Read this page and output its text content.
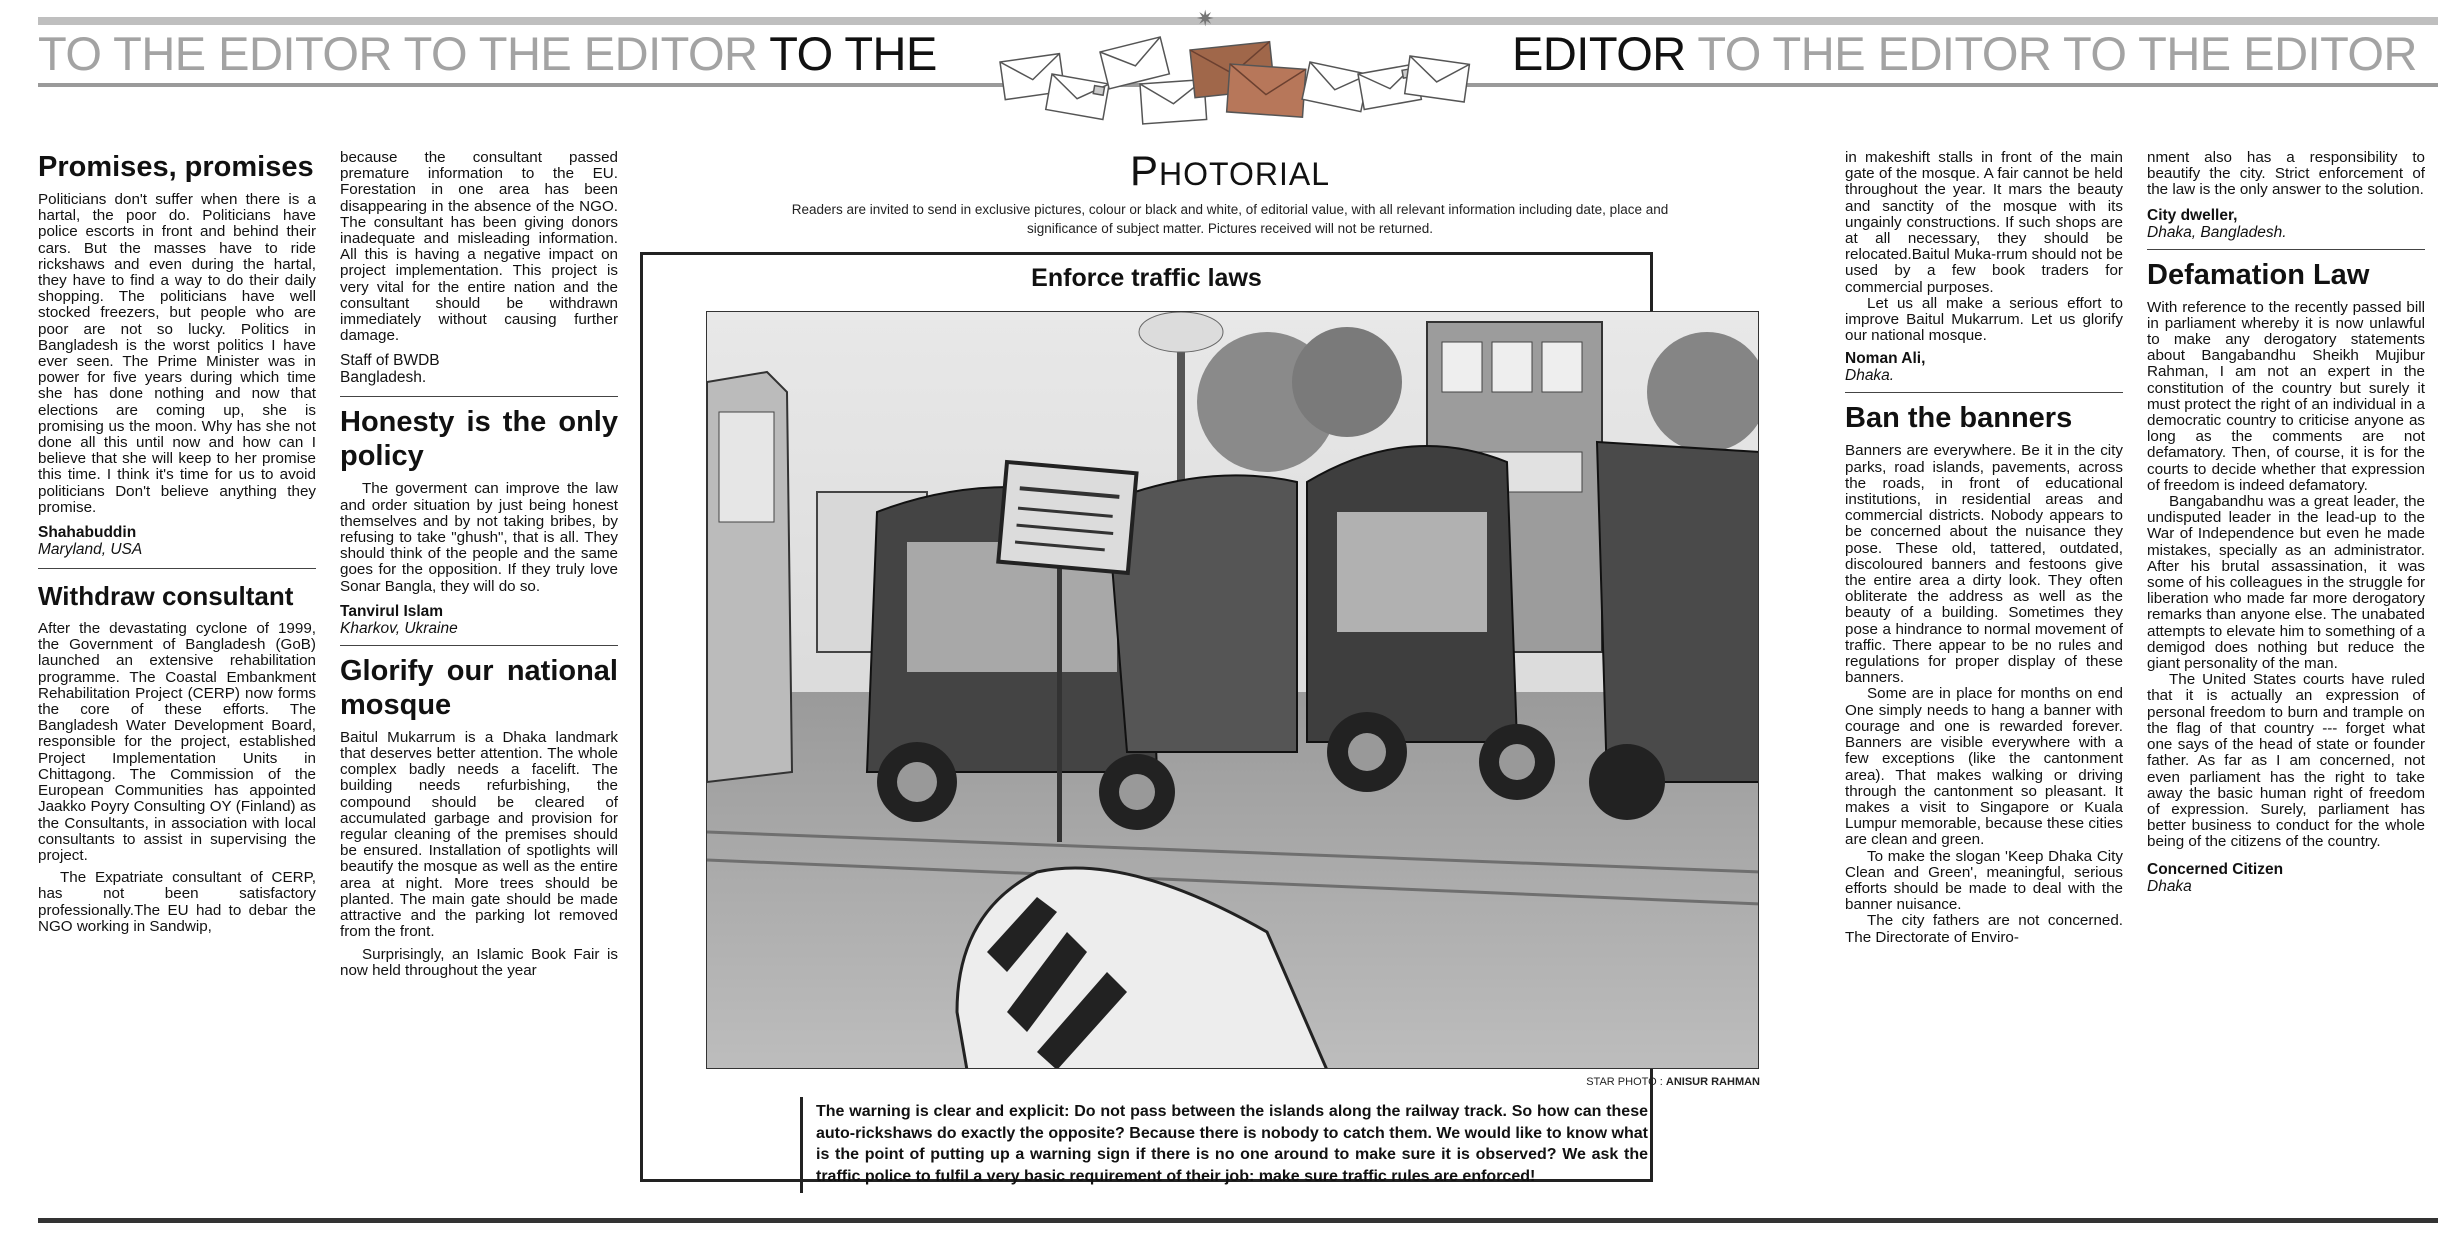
✷
TO THE EDITOR TO THE EDITOR TO THE	EDITOR TO THE EDITOR TO THE EDITOR
Promises, promises

Politicians don't suffer when there is a hartal, the poor do. Politicians have police escorts in front and behind their cars. But the masses have to ride rickshaws and even during the hartal, they have to find a way to do their daily shopping. The politicians have well stocked freezers, but people who are poor are not so lucky. Politics in Bangladesh is the worst politics I have ever seen. The Prime Minister was in power for five years during which time she has done nothing and now that elections are coming up, she is promising us the moon. Why has she not done all this until now and how can I believe that she will keep to her promise this time. I think it's time for us to avoid politicians Don't believe anything they promise.

Shahabuddin
Maryland, USA
Withdraw consultant

After the devastating cyclone of 1999, the Government of Bangladesh (GoB) launched an extensive rehabilitation programme. The Coastal Embankment Rehabilitation Project (CERP) now forms the core of these efforts. The Bangladesh Water Development Board, responsible for the project, established Project Implementation Units in Chittagong. The Commission of the European Communities has appointed Jaakko Poyry Consulting OY (Finland) as the Consultants, in association with local consultants to assist in supervising the project.

The Expatriate consultant of CERP, has not been satisfactory professionally.The EU had to debar the NGO working in Sandwip,

because the consultant passed premature information to the EU. Forestation in one area has been disappearing in the absence of the NGO. The consultant has been giving donors inadequate and misleading information. All this is having a negative impact on project implementation. This project is very vital for the entire nation and the consultant should be withdrawn immediately without causing further damage.

Staff of BWDB
Bangladesh.
Honesty is the only policy

The goverment can improve the law and order situation by just being honest themselves and by not taking bribes, by refusing to take "ghush", that is all. They should think of the people and the same goes for the opposition. If they truly love Sonar Bangla, they will do so.

Tanvirul Islam
Kharkov, Ukraine
Glorify our national mosque

Baitul Mukarrum is a Dhaka landmark that deserves better attention. The whole complex badly needs a facelift. The building needs refurbishing, the compound should be cleared of accumulated garbage and provision for regular cleaning of the premises should be ensured. Installation of spotlights will beautify the mosque as well as the entire area at night. More trees should be planted. The main gate should be made attractive and the parking lot removed from the front.

Surprisingly, an Islamic Book Fair is now held throughout the year

PHOTORIAL
Readers are invited to send in exclusive pictures, colour or black and white, of editorial value, with all relevant information including date, place and significance of subject matter. Pictures received will not be returned.
Enforce traffic laws
STAR PHOTO : ANISUR RAHMAN
The warning is clear and explicit: Do not pass between the islands along the railway track. So how can these auto-rickshaws do exactly the opposite? Because there is nobody to catch them. We would like to know what is the point of putting up a warning sign if there is no one around to make sure it is observed? We ask the traffic police to fulfil a very basic requirement of their job: make sure traffic rules are enforced!

in makeshift stalls in front of the main gate of the mosque. A fair cannot be held throughout the year. It mars the beauty and sanctity of the mosque with its ungainly constructions. If such shops are at all necessary, they should be relocated.Baitul Muka-rrum should not be used by a few book traders for commercial purposes.

Let us all make a serious effort to improve Baitul Mukarrum. Let us glorify our national mosque.

Noman Ali,
Dhaka.
Ban the banners

Banners are everywhere. Be it in the city parks, road islands, pavements, across the roads, in front of educational institutions, in residential areas and commercial districts. Nobody appears to be concerned about the nuisance they pose. These old, tattered, outdated, discoloured banners and festoons give the entire area a dirty look. They often obliterate the address as well as the beauty of a building. Sometimes they pose a hindrance to normal movement of traffic. There appear to be no rules and regulations for proper display of these banners.

Some are in place for months on end One simply needs to hang a banner with courage and one is rewarded forever. Banners are visible everywhere with a few exceptions (like the cantonment area). That makes walking or driving through the cantonment so pleasant. It makes a visit to Singapore or Kuala Lumpur memorable, because these cities are clean and green.

To make the slogan 'Keep Dhaka City Clean and Green', meaningful, serious efforts should be made to deal with the banner nuisance.

The city fathers are not concerned. The Directorate of Enviro-

nment also has a responsibility to beautify the city. Strict enforcement of the law is the only answer to the solution.

City dweller,
Dhaka, Bangladesh.
Defamation Law

With reference to the recently passed bill in parliament whereby it is now unlawful to make any derogatory statements about Bangabandhu Sheikh Mujibur Rahman, I am not an expert in the constitution of the country but surely it must protect the right of an individual in a democratic country to criticise anyone as long as the comments are not defamatory. Then, of course, it is for the courts to decide whether that expression of freedom is indeed defamatory.

Bangabandhu was a great leader, the undisputed leader in the lead-up to the War of Independence but even he made mistakes, specially as an administrator. After his brutal assassination, it was some of his colleagues in the struggle for liberation who made far more derogatory remarks than anyone else. The unabated attempts to elevate him to something of a demigod does nothing but reduce the giant personality of the man.

The United States courts have ruled that it is actually an expression of personal freedom to burn and trample on the flag of that country --- forget what one says of the head of state or founder father. As far as I am concerned, not even parliament has the right to take away the basic human right of freedom of expression. Surely, parliament has better business to conduct for the whole being of the citizens of the country.

Concerned Citizen
Dhaka
